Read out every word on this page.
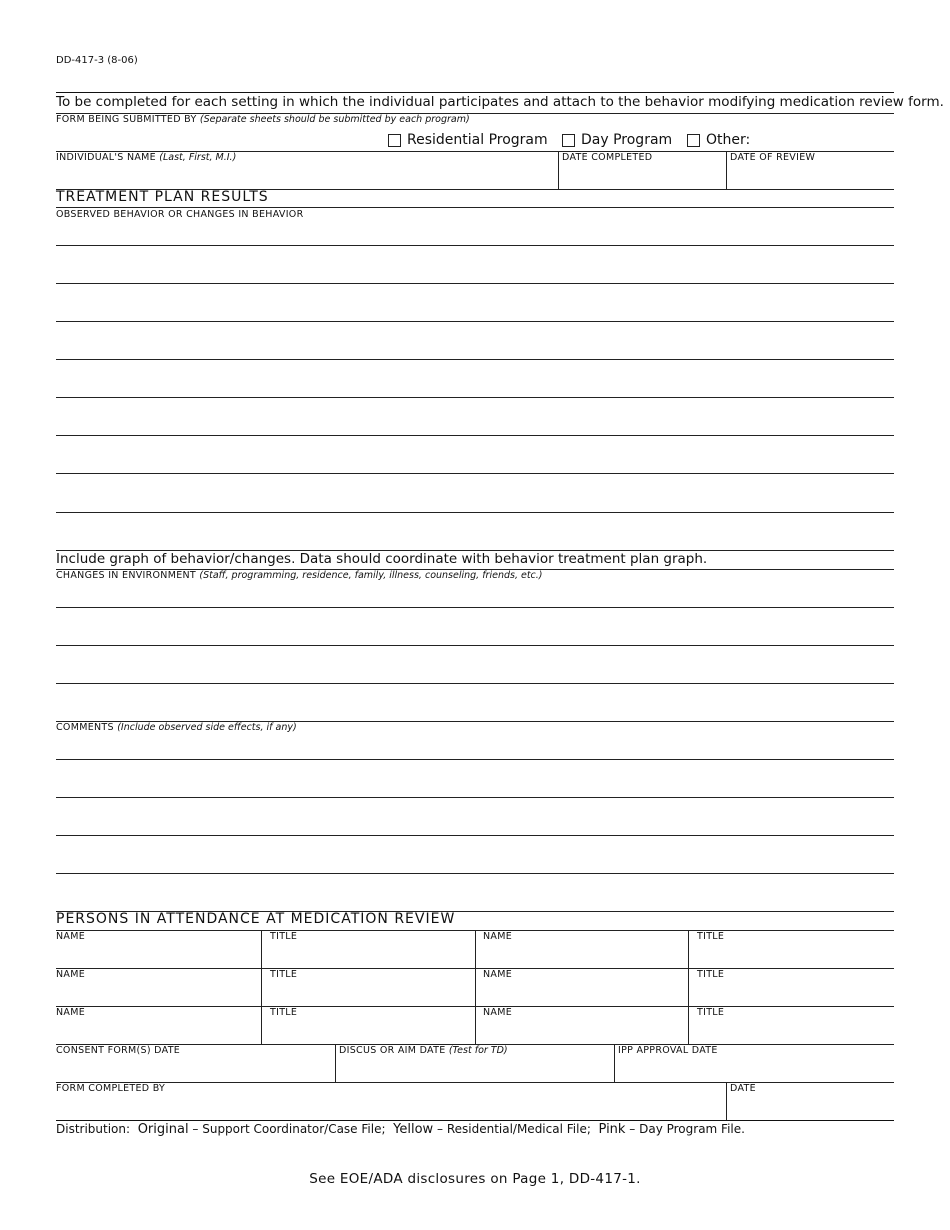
DD-417-3 (8-06)
To be completed for each setting in which the individual participates and attach to the behavior modifying medication review form.
FORM BEING SUBMITTED BY (Separate sheets should be submitted by each program)
Residential Program Day Program Other:
INDIVIDUAL'S NAME (Last, First, M.I.)	DATE COMPLETED	DATE OF REVIEW
TREATMENT PLAN RESULTS
OBSERVED BEHAVIOR OR CHANGES IN BEHAVIOR
Include graph of behavior/changes. Data should coordinate with behavior treatment plan graph.
CHANGES IN ENVIRONMENT (Staff, programming, residence, family, illness, counseling, friends, etc.)
COMMENTS (Include observed side effects, if any)
PERSONS IN ATTENDANCE AT MEDICATION REVIEW
NAME	TITLE	NAME	TITLE
NAME	TITLE	NAME	TITLE
NAME	TITLE	NAME	TITLE
CONSENT FORM(S) DATE	DISCUS OR AIM DATE (Test for TD)	IPP APPROVAL DATE
FORM COMPLETED BY	DATE
Distribution: Original – Support Coordinator/Case File; Yellow – Residential/Medical File; Pink – Day Program File.
See EOE/ADA disclosures on Page 1, DD-417-1.
